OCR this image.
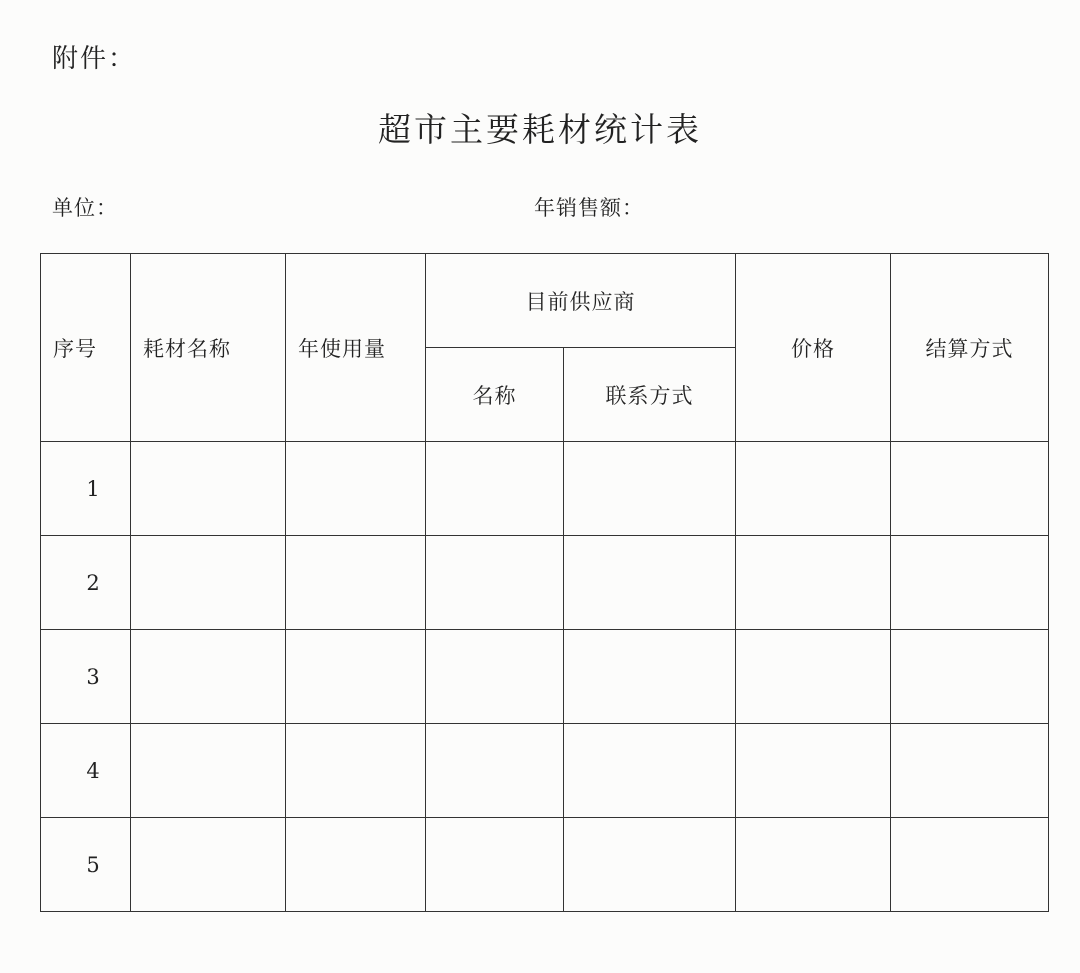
附件：
超市主要耗材统计表
单位：	年销售额：
序号	耗材名称	年使用量	目前供应商		价格	结算方式
			名称	联系方式		
1						
2						
3						
4						
5						
